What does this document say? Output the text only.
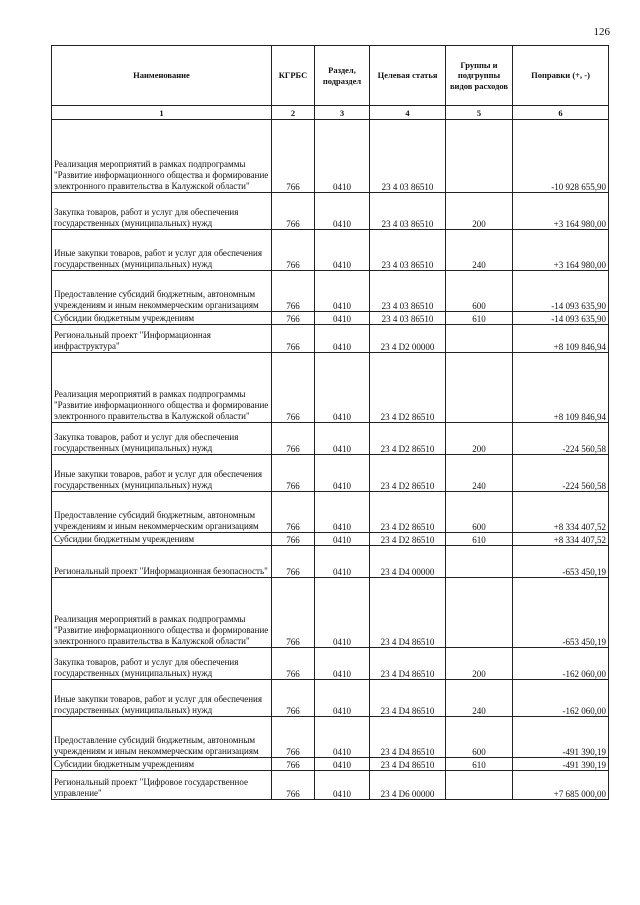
126
Наименование	КГРБС	Раздел, подраздел	Целевая статья	Группы и подгруппы видов расходов	Поправки (+, -)
1	2	3	4	5	6
Реализация мероприятий в рамках подпрограммы "Развитие информационного общества и формирование электронного правительства в Калужской области"	766	0410	23 4 03 86510		-10 928 655,90
Закупка товаров, работ и услуг для обеспечения государственных (муниципальных) нужд	766	0410	23 4 03 86510	200	+3 164 980,00
Иные закупки товаров, работ и услуг для обеспечения государственных (муниципальных) нужд	766	0410	23 4 03 86510	240	+3 164 980,00
Предоставление субсидий бюджетным, автономным учреждениям и иным некоммерческим организациям	766	0410	23 4 03 86510	600	-14 093 635,90
Субсидии бюджетным учреждениям	766	0410	23 4 03 86510	610	-14 093 635,90
Региональный проект "Информационная инфраструктура"	766	0410	23 4 D2 00000		+8 109 846,94
Реализация мероприятий в рамках подпрограммы "Развитие информационного общества и формирование электронного правительства в Калужской области"	766	0410	23 4 D2 86510		+8 109 846,94
Закупка товаров, работ и услуг для обеспечения государственных (муниципальных) нужд	766	0410	23 4 D2 86510	200	-224 560,58
Иные закупки товаров, работ и услуг для обеспечения государственных (муниципальных) нужд	766	0410	23 4 D2 86510	240	-224 560,58
Предоставление субсидий бюджетным, автономным учреждениям и иным некоммерческим организациям	766	0410	23 4 D2 86510	600	+8 334 407,52
Субсидии бюджетным учреждениям	766	0410	23 4 D2 86510	610	+8 334 407,52
Региональный проект "Информационная безопасность"	766	0410	23 4 D4 00000		-653 450,19
Реализация мероприятий в рамках подпрограммы "Развитие информационного общества и формирование электронного правительства в Калужской области"	766	0410	23 4 D4 86510		-653 450,19
Закупка товаров, работ и услуг для обеспечения государственных (муниципальных) нужд	766	0410	23 4 D4 86510	200	-162 060,00
Иные закупки товаров, работ и услуг для обеспечения государственных (муниципальных) нужд	766	0410	23 4 D4 86510	240	-162 060,00
Предоставление субсидий бюджетным, автономным учреждениям и иным некоммерческим организациям	766	0410	23 4 D4 86510	600	-491 390,19
Субсидии бюджетным учреждениям	766	0410	23 4 D4 86510	610	-491 390,19
Региональный проект "Цифровое государственное управление"	766	0410	23 4 D6 00000		+7 685 000,00
